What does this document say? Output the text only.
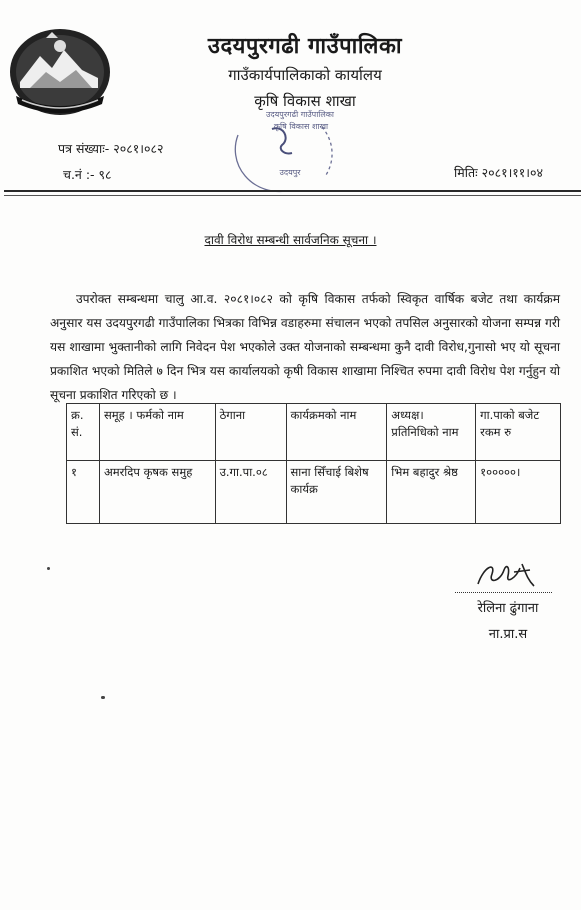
उदयपुरगढी गाउँपालिका
गाउँकार्यपालिकाको कार्यालय
कृषि विकास शाखा
पत्र संख्याः- २०८१।०८२
च.नं :- ९८	मितिः २०८१।११।०४
उदयपुरगढी गाउँपालिका
कृषि विकास शाखा
उदयपुर
दावी विरोध सम्बन्धी सार्वजनिक सूचना ।
उपरोक्त सम्बन्धमा चालु आ.व. २०८१।०८२ को कृषि विकास तर्फको स्विकृत वार्षिक बजेट तथा कार्यक्रम अनुसार यस उदयपुरगढी गाउँपालिका भित्रका विभिन्न वडाहरुमा संचालन भएको तपसिल अनुसारको योजना सम्पन्न गरी यस शाखामा भुक्तानीको लागि निवेदन पेश भएकोले उक्त योजनाको सम्बन्धमा कुनै दावी विरोध,गुनासो भए यो सूचना प्रकाशित भएको मितिले ७ दिन भित्र यस कार्यालयको कृषी विकास शाखामा निश्चित रुपमा दावी विरोध पेश गर्नुहुन यो सूचना प्रकाशित गरिएको छ ।
क्र. सं.	समूह । फर्मको नाम	ठेगाना	कार्यक्रमको नाम	अध्यक्ष। प्रतिनिधिको नाम	गा.पाको बजेट रकम रु
१	अमरदिप कृषक समुह	उ.गा.पा.०८	साना सिँचाई बिशेष कार्यक्र	भिम बहादुर श्रेष्ठ	१०००००।
रेलिना ढुंगाना
ना.प्रा.स
